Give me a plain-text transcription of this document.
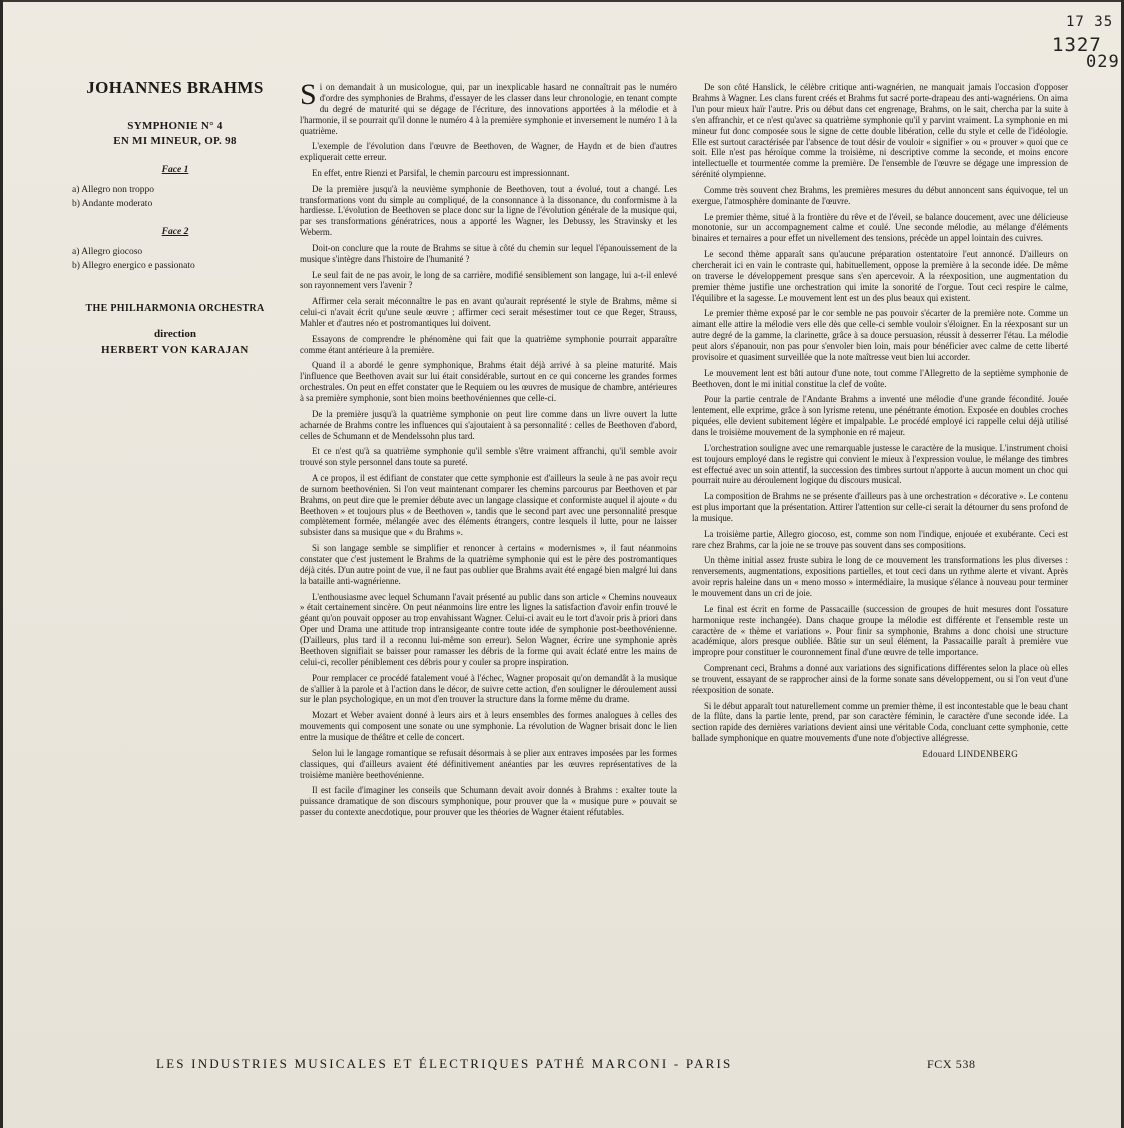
17 35
1327
029
JOHANNES BRAHMS
SYMPHONIE N° 4
EN MI MINEUR, OP. 98
Face 1
a) Allegro non troppo
b) Andante moderato
Face 2
a) Allegro giocoso
b) Allegro energico e passionato
THE PHILHARMONIA ORCHESTRA
direction
HERBERT VON KARAJAN

Si on demandait à un musicologue, qui, par un inexplicable hasard ne connaîtrait pas le numéro d'ordre des symphonies de Brahms, d'essayer de les classer dans leur chronologie, en tenant compte du degré de maturité qui se dégage de l'écriture, des innovations apportées à la mélodie et à l'harmonie, il se pourrait qu'il donne le numéro 4 à la première symphonie et inversement le numéro 1 à la quatrième.

L'exemple de l'évolution dans l'œuvre de Beethoven, de Wagner, de Haydn et de bien d'autres expliquerait cette erreur.

En effet, entre Rienzi et Parsifal, le chemin parcouru est impressionnant.

De la première jusqu'à la neuvième symphonie de Beethoven, tout a évolué, tout a changé. Les transformations vont du simple au compliqué, de la consonnance à la dissonance, du conformisme à la hardiesse. L'évolution de Beethoven se place donc sur la ligne de l'évolution générale de la musique qui, par ses transformations génératrices, nous a apporté les Wagner, les Debussy, les Stravinsky et les Weberm.

Doit-on conclure que la route de Brahms se situe à côté du chemin sur lequel l'épanouissement de la musique s'intègre dans l'histoire de l'humanité ?

Le seul fait de ne pas avoir, le long de sa carrière, modifié sensiblement son langage, lui a-t-il enlevé son rayonnement vers l'avenir ?

Affirmer cela serait méconnaître le pas en avant qu'aurait représenté le style de Brahms, même si celui-ci n'avait écrit qu'une seule œuvre ; affirmer ceci serait mésestimer tout ce que Reger, Strauss, Mahler et d'autres néo et postromantiques lui doivent.

Essayons de comprendre le phénomène qui fait que la quatrième symphonie pourrait apparaître comme étant antérieure à la première.

Quand il a abordé le genre symphonique, Brahms était déjà arrivé à sa pleine maturité. Mais l'influence que Beethoven avait sur lui était considérable, surtout en ce qui concerne les grandes formes orchestrales. On peut en effet constater que le Requiem ou les œuvres de musique de chambre, antérieures à sa première symphonie, sont bien moins beethovéniennes que celle-ci.

De la première jusqu'à la quatrième symphonie on peut lire comme dans un livre ouvert la lutte acharnée de Brahms contre les influences qui s'ajoutaient à sa personnalité : celles de Beethoven d'abord, celles de Schumann et de Mendelssohn plus tard.

Et ce n'est qu'à sa quatrième symphonie qu'il semble s'être vraiment affranchi, qu'il semble avoir trouvé son style personnel dans toute sa pureté.

A ce propos, il est édifiant de constater que cette symphonie est d'ailleurs la seule à ne pas avoir reçu de surnom beethovénien. Si l'on veut maintenant comparer les chemins parcourus par Beethoven et par Brahms, on peut dire que le premier débute avec un langage classique et conformiste auquel il ajoute « du Beethoven » et toujours plus « de Beethoven », tandis que le second part avec une personnalité presque complètement formée, mélangée avec des éléments étrangers, contre lesquels il lutte, pour ne laisser subsister dans sa musique que « du Brahms ».

Si son langage semble se simplifier et renoncer à certains « modernismes », il faut néanmoins constater que c'est justement le Brahms de la quatrième symphonie qui est le père des postromantiques déjà cités. D'un autre point de vue, il ne faut pas oublier que Brahms avait été engagé bien malgré lui dans la bataille anti-wagnérienne.

L'enthousiasme avec lequel Schumann l'avait présenté au public dans son article « Chemins nouveaux » était certainement sincère. On peut néanmoins lire entre les lignes la satisfaction d'avoir enfin trouvé le géant qu'on pouvait opposer au trop envahissant Wagner. Celui-ci avait eu le tort d'avoir pris à priori dans Oper und Drama une attitude trop intransigeante contre toute idée de symphonie post-beethovénienne. (D'ailleurs, plus tard il a reconnu lui-même son erreur). Selon Wagner, écrire une symphonie après Beethoven signifiait se baisser pour ramasser les débris de la forme qui avait éclaté entre les mains de celui-ci, recoller péniblement ces débris pour y couler sa propre inspiration.

Pour remplacer ce procédé fatalement voué à l'échec, Wagner proposait qu'on demandât à la musique de s'allier à la parole et à l'action dans le décor, de suivre cette action, d'en souligner le déroulement aussi sur le plan psychologique, en un mot d'en trouver la structure dans la forme même du drame.

Mozart et Weber avaient donné à leurs airs et à leurs ensembles des formes analogues à celles des mouvements qui composent une sonate ou une symphonie. La révolution de Wagner brisait donc le lien entre la musique de théâtre et celle de concert.

Selon lui le langage romantique se refusait désormais à se plier aux entraves imposées par les formes classiques, qui d'ailleurs avaient été définitivement anéanties par les œuvres représentatives de la troisième manière beethovénienne.

Il est facile d'imaginer les conseils que Schumann devait avoir donnés à Brahms : exalter toute la puissance dramatique de son discours symphonique, pour prouver que la « musique pure » pouvait se passer du contexte anecdotique, pour prouver que les théories de Wagner étaient réfutables.

De son côté Hanslick, le célèbre critique anti-wagnérien, ne manquait jamais l'occasion d'opposer Brahms à Wagner. Les clans furent créés et Brahms fut sacré porte-drapeau des anti-wagnériens. On aima l'un pour mieux haïr l'autre. Pris ou début dans cet engrenage, Brahms, on le sait, chercha par la suite à s'en affranchir, et ce n'est qu'avec sa quatrième symphonie qu'il y parvint vraiment. La symphonie en mi mineur fut donc composée sous le signe de cette double libération, celle du style et celle de l'idéologie. Elle est surtout caractérisée par l'absence de tout désir de vouloir « signifier » ou « prouver » quoi que ce soit. Elle n'est pas héroïque comme la troisième, ni descriptive comme la seconde, et moins encore intellectuelle et tourmentée comme la première. De l'ensemble de l'œuvre se dégage une impression de sérénité olympienne.

Comme très souvent chez Brahms, les premières mesures du début annoncent sans équivoque, tel un exergue, l'atmosphère dominante de l'œuvre.

Le premier thème, situé à la frontière du rêve et de l'éveil, se balance doucement, avec une délicieuse monotonie, sur un accompagnement calme et coulé. Une seconde mélodie, au mélange d'éléments binaires et ternaires a pour effet un nivellement des tensions, précède un appel lointain des cuivres.

Le second thème apparaît sans qu'aucune préparation ostentatoire l'eut annoncé. D'ailleurs on chercherait ici en vain le contraste qui, habituellement, oppose la première à la seconde idée. De même on traverse le développement presque sans s'en apercevoir. A la réexposition, une augmentation du premier thème justifie une orchestration qui imite la sonorité de l'orgue. Tout ceci respire le calme, l'équilibre et la sagesse. Le mouvement lent est un des plus beaux qui existent.

Le premier thème exposé par le cor semble ne pas pouvoir s'écarter de la première note. Comme un aimant elle attire la mélodie vers elle dès que celle-ci semble vouloir s'éloigner. En la réexposant sur un autre degré de la gamme, la clarinette, grâce à sa douce persuasion, réussit à desserrer l'étau. La mélodie peut alors s'épanouir, non pas pour s'envoler bien loin, mais pour bénéficier avec calme de cette liberté provisoire et quasiment surveillée que la note maîtresse veut bien lui accorder.

Le mouvement lent est bâti autour d'une note, tout comme l'Allegretto de la septième symphonie de Beethoven, dont le mi initial constitue la clef de voûte.

Pour la partie centrale de l'Andante Brahms a inventé une mélodie d'une grande fécondité. Jouée lentement, elle exprime, grâce à son lyrisme retenu, une pénétrante émotion. Exposée en doubles croches piquées, elle devient subitement légère et impalpable. Le procédé employé ici rappelle celui déjà utilisé dans le troisième mouvement de la symphonie en ré majeur.

L'orchestration souligne avec une remarquable justesse le caractère de la musique. L'instrument choisi est toujours employé dans le registre qui convient le mieux à l'expression voulue, le mélange des timbres est effectué avec un soin attentif, la succession des timbres surtout n'apporte à aucun moment un choc qui pourrait nuire au déroulement logique du discours musical.

La composition de Brahms ne se présente d'ailleurs pas à une orchestration « décorative ». Le contenu est plus important que la présentation. Attirer l'attention sur celle-ci serait la détourner du sens profond de la musique.

La troisième partie, Allegro giocoso, est, comme son nom l'indique, enjouée et exubérante. Ceci est rare chez Brahms, car la joie ne se trouve pas souvent dans ses compositions.

Un thème initial assez fruste subira le long de ce mouvement les transformations les plus diverses : renversements, augmentations, expositions partielles, et tout ceci dans un rythme alerte et vivant. Après avoir repris haleine dans un « meno mosso » intermédiaire, la musique s'élance à nouveau pour terminer le mouvement dans un cri de joie.

Le final est écrit en forme de Passacaille (succession de groupes de huit mesures dont l'ossature harmonique reste inchangée). Dans chaque groupe la mélodie est différente et l'ensemble reste un caractère de « thème et variations ». Pour finir sa symphonie, Brahms a donc choisi une structure académique, alors presque oubliée. Bâtie sur un seul élément, la Passacaille paraît à première vue impropre pour constituer le couronnement final d'une œuvre de telle importance.

Comprenant ceci, Brahms a donné aux variations des significations différentes selon la place où elles se trouvent, essayant de se rapprocher ainsi de la forme sonate sans développement, ou si l'on veut d'une réexposition de sonate.

Si le début apparaît tout naturellement comme un premier thème, il est incontestable que le beau chant de la flûte, dans la partie lente, prend, par son caractère féminin, le caractère d'une seconde idée. La section rapide des dernières variations devient ainsi une véritable Coda, concluant cette symphonie, cette ballade symphonique en quatre mouvements d'une note d'objective allégresse.

Edouard LINDENBERG
LES INDUSTRIES MUSICALES ET ÉLECTRIQUES PATHÉ MARCONI - PARIS	FCX 538
